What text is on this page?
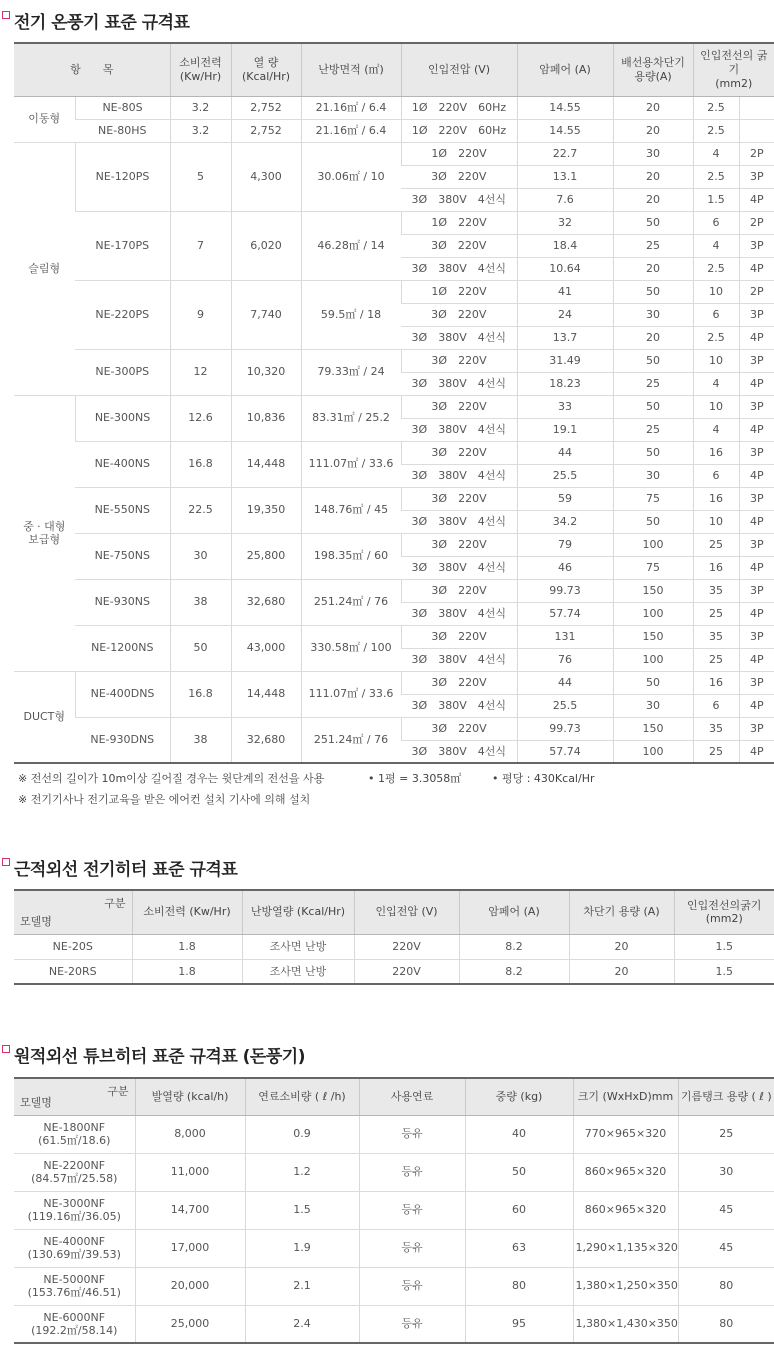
전기 온풍기 표준 규격표
항　　목		소비전력
(Kw/Hr)	열 량
(Kcal/Hr)	난방면적 (㎡)	인입전압 (V)	암페어 (A)	배선용차단기
용량(A)	인입전선의 굵기
(mm2)	
이동형	NE-80S	3.2	2,752	21.16㎡ / 6.4	1Ø　220V　60Hz	14.55	20	2.5	
	NE-80HS	3.2	2,752	21.16㎡ / 6.4	1Ø　220V　60Hz	14.55	20	2.5	
슬림형	NE-120PS	5	4,300	30.06㎡ / 10	1Ø　220V	22.7	30	4	2P
					3Ø　220V	13.1	20	2.5	3P
					3Ø　380V　4선식	7.6	20	1.5	4P
	NE-170PS	7	6,020	46.28㎡ / 14	1Ø　220V	32	50	6	2P
					3Ø　220V	18.4	25	4	3P
					3Ø　380V　4선식	10.64	20	2.5	4P
	NE-220PS	9	7,740	59.5㎡ / 18	1Ø　220V	41	50	10	2P
					3Ø　220V	24	30	6	3P
					3Ø　380V　4선식	13.7	20	2.5	4P
	NE-300PS	12	10,320	79.33㎡ / 24	3Ø　220V	31.49	50	10	3P
					3Ø　380V　4선식	18.23	25	4	4P
중 · 대형
보급형	NE-300NS	12.6	10,836	83.31㎡ / 25.2	3Ø　220V	33	50	10	3P
					3Ø　380V　4선식	19.1	25	4	4P
	NE-400NS	16.8	14,448	111.07㎡ / 33.6	3Ø　220V	44	50	16	3P
					3Ø　380V　4선식	25.5	30	6	4P
	NE-550NS	22.5	19,350	148.76㎡ / 45	3Ø　220V	59	75	16	3P
					3Ø　380V　4선식	34.2	50	10	4P
	NE-750NS	30	25,800	198.35㎡ / 60	3Ø　220V	79	100	25	3P
					3Ø　380V　4선식	46	75	16	4P
	NE-930NS	38	32,680	251.24㎡ / 76	3Ø　220V	99.73	150	35	3P
					3Ø　380V　4선식	57.74	100	25	4P
	NE-1200NS	50	43,000	330.58㎡ / 100	3Ø　220V	131	150	35	3P
					3Ø　380V　4선식	76	100	25	4P
DUCT형	NE-400DNS	16.8	14,448	111.07㎡ / 33.6	3Ø　220V	44	50	16	3P
					3Ø　380V　4선식	25.5	30	6	4P
	NE-930DNS	38	32,680	251.24㎡ / 76	3Ø　220V	99.73	150	35	3P
					3Ø　380V　4선식	57.74	100	25	4P
※ 전선의 길이가 10m이상 길어질 경우는 윗단계의 전선을 사용	• 1평 = 3.3058㎡	• 평당 : 430Kcal/Hr
※ 전기기사나 전기교육을 받은 에어컨 설치 기사에 의해 설치
근적외선 전기히터 표준 규격표
구분
모델명	소비전력 (Kw/Hr)	난방열량 (Kcal/Hr)	인입전압 (V)	암페어 (A)	차단기 용량 (A)	인입전선의굵기
(mm2)
NE-20S	1.8	조사면 난방	220V	8.2	20	1.5
NE-20RS	1.8	조사면 난방	220V	8.2	20	1.5
원적외선 튜브히터 표준 규격표 (돈풍기)
구분
모델명	발열량 (kcal/h)	연료소비량 ( ℓ /h)	사용연료	중량 (kg)	크기 (WxHxD)mm	기름탱크 용량 ( ℓ )
NE-1800NF
(61.5㎡/18.6)	8,000	0.9	등유	40	770×965×320	25
NE-2200NF
(84.57㎡/25.58)	11,000	1.2	등유	50	860×965×320	30
NE-3000NF
(119.16㎡/36.05)	14,700	1.5	등유	60	860×965×320	45
NE-4000NF
(130.69㎡/39.53)	17,000	1.9	등유	63	1,290×1,135×320	45
NE-5000NF
(153.76㎡/46.51)	20,000	2.1	등유	80	1,380×1,250×350	80
NE-6000NF
(192.2㎡/58.14)	25,000	2.4	등유	95	1,380×1,430×350	80
